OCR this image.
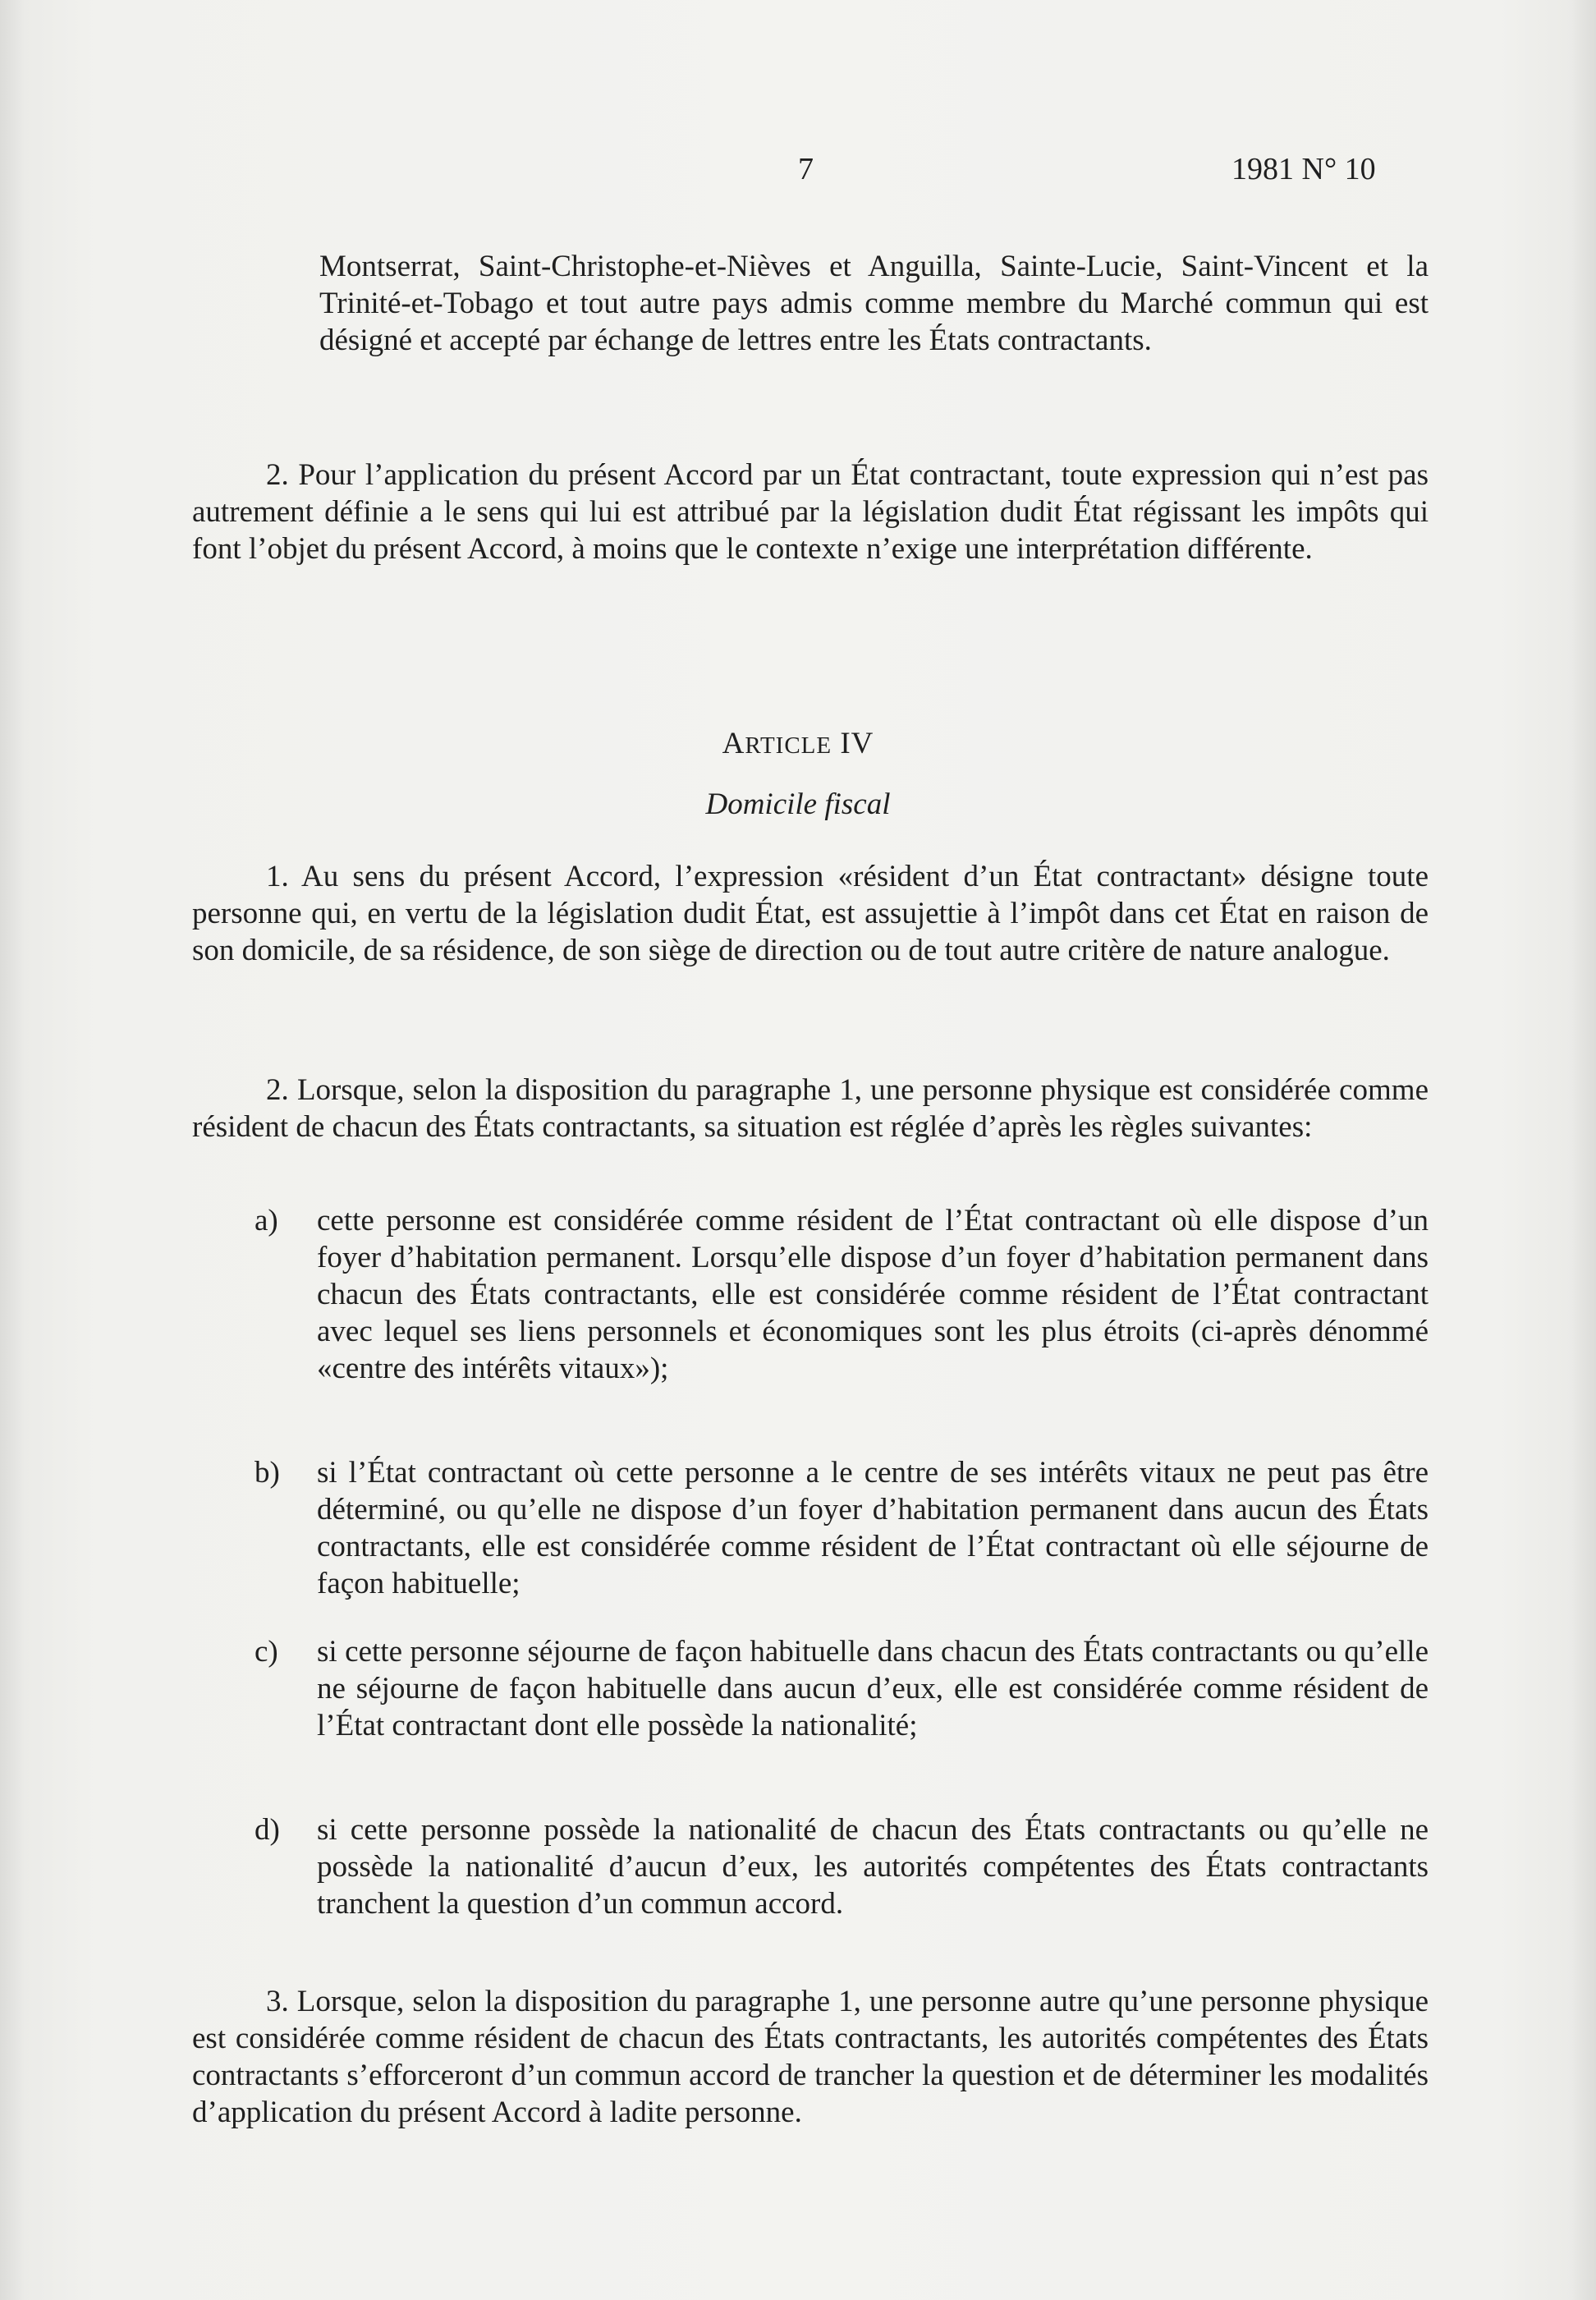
7	1981 N° 10

Montserrat, Saint-Christophe-et-Nièves et Anguilla, Sainte-Lucie, Saint-Vincent et la Trinité-et-Tobago et tout autre pays admis comme membre du Marché commun qui est désigné et accepté par échange de lettres entre les États contractants.

2. Pour l’application du présent Accord par un État contractant, toute expression qui n’est pas autrement définie a le sens qui lui est attribué par la législation dudit État régissant les impôts qui font l’objet du présent Accord, à moins que le contexte n’exige une interprétation différente.

ARTICLE IV
Domicile fiscal

1. Au sens du présent Accord, l’expression «résident d’un État contractant» désigne toute personne qui, en vertu de la législation dudit État, est assujettie à l’impôt dans cet État en raison de son domicile, de sa résidence, de son siège de direction ou de tout autre critère de nature analogue.

2. Lorsque, selon la disposition du paragraphe 1, une personne physique est considérée comme résident de chacun des États contractants, sa situation est réglée d’après les règles suivantes:

a)	cette personne est considérée comme résident de l’État contractant où elle dispose d’un foyer d’habitation permanent. Lorsqu’elle dispose d’un foyer d’habitation permanent dans chacun des États contractants, elle est considérée comme résident de l’État contractant avec lequel ses liens personnels et économiques sont les plus étroits (ci-après dénommé «centre des intérêts vitaux»);
b)	si l’État contractant où cette personne a le centre de ses intérêts vitaux ne peut pas être déterminé, ou qu’elle ne dispose d’un foyer d’habitation permanent dans aucun des États contractants, elle est considérée comme résident de l’État contractant où elle séjourne de façon habituelle;
c)	si cette personne séjourne de façon habituelle dans chacun des États contractants ou qu’elle ne séjourne de façon habituelle dans aucun d’eux, elle est considérée comme résident de l’État contractant dont elle possède la nationalité;
d)	si cette personne possède la nationalité de chacun des États contractants ou qu’elle ne possède la nationalité d’aucun d’eux, les autorités compétentes des États contractants tranchent la question d’un commun accord.

3. Lorsque, selon la disposition du paragraphe 1, une personne autre qu’une personne physique est considérée comme résident de chacun des États contractants, les autorités compétentes des États contractants s’efforceront d’un commun accord de trancher la question et de déterminer les modalités d’application du présent Accord à ladite personne.
